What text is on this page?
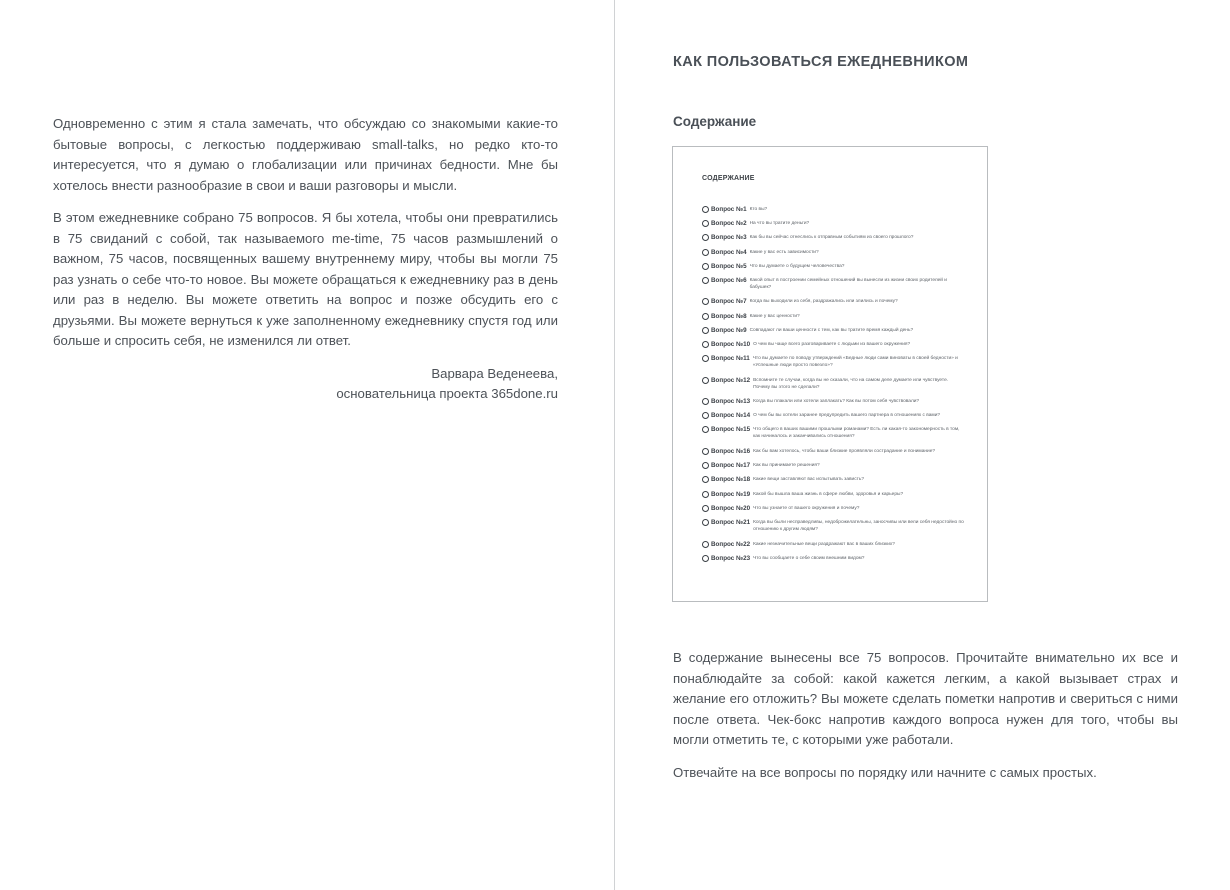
Одновременно с этим я стала замечать, что обсуждаю со знакомыми какие-то бытовые вопросы, с легкостью поддерживаю small-talks, но редко кто-то интересуется, что я думаю о глобализации или причинах бедности. Мне бы хотелось внести разнообразие в свои и ваши разговоры и мысли.

В этом ежедневнике собрано 75 вопросов. Я бы хотела, чтобы они превратились в 75 свиданий с собой, так называемого me-time, 75 часов размышлений о важном, 75 часов, посвященных вашему внутреннему миру, чтобы вы могли 75 раз узнать о себе что-то новое. Вы можете обращаться к ежедневнику раз в день или раз в неделю. Вы можете ответить на вопрос и позже обсудить его с друзьями. Вы можете вернуться к уже заполненному ежедневнику спустя год или больше и спросить себя, не изменился ли ответ.

Варвара Веденеева,
основательница проекта 365done.ru
КАК ПОЛЬЗОВАТЬСЯ ЕЖЕДНЕВНИКОМ
Содержание
СОДЕРЖАНИЕ
Вопрос №1 Кто вы?
Вопрос №2 На что вы тратите деньги?
Вопрос №3 Как бы вы сейчас отнеслись к отправным событиям из своего прошлого?
Вопрос №4 Какие у вас есть зависимости?
Вопрос №5 Что вы думаете о будущем человечества?
Вопрос №6 Какой опыт в построении семейных отношений вы вынесли из жизни своих родителей и бабушек?
Вопрос №7 Когда вы выходили из себя, раздражались или злились и почему?
Вопрос №8 Какие у вас ценности?
Вопрос №9 Совпадают ли ваши ценности с тем, как вы тратите время каждый день?
Вопрос №10 О чем вы чаще всего разговариваете с людьми из вашего окружения?
Вопрос №11 Что вы думаете по поводу утверждений «Бедные люди сами виноваты в своей бедности» и «Успешные люди просто повезло»?
Вопрос №12 Вспомните те случаи, когда вы не сказали, что на самом деле думаете или чувствуете. Почему вы этого не сделали?
Вопрос №13 Когда вы плакали или хотели заплакать? Как вы потом себя чувствовали?
Вопрос №14 О чем бы вы хотели заранее предупредить вашего партнера в отношениях с вами?
Вопрос №15 Что общего в ваших вашими прошлыми романами? Есть ли какая-то закономерность в том, как начиналось и заканчивались отношения?
Вопрос №16 Как бы вам хотелось, чтобы ваши близкие проявляли сострадание и понимание?
Вопрос №17 Как вы принимаете решения?
Вопрос №18 Какие вещи заставляют вас испытывать зависть?
Вопрос №19 Какой бы вышла ваша жизнь в сфере любви, здоровья и карьеры?
Вопрос №20 Что вы узнаете от вашего окружения и почему?
Вопрос №21 Когда вы были несправедливы, недоброжелательны, заносчивы или вели себя недостойно по отношению к другим людям?
Вопрос №22 Какие незначительные вещи раздражают вас в ваших близких?
Вопрос №23 Что вы сообщаете о себе своим внешним видом?

В содержание вынесены все 75 вопросов. Прочитайте внимательно их все и понаблюдайте за собой: какой кажется легким, а какой вызывает страх и желание его отложить? Вы можете сделать пометки напротив и свериться с ними после ответа. Чек-бокс напротив каждого вопроса нужен для того, чтобы вы могли отметить те, с которыми уже работали.

Отвечайте на все вопросы по порядку или начните с самых простых.
